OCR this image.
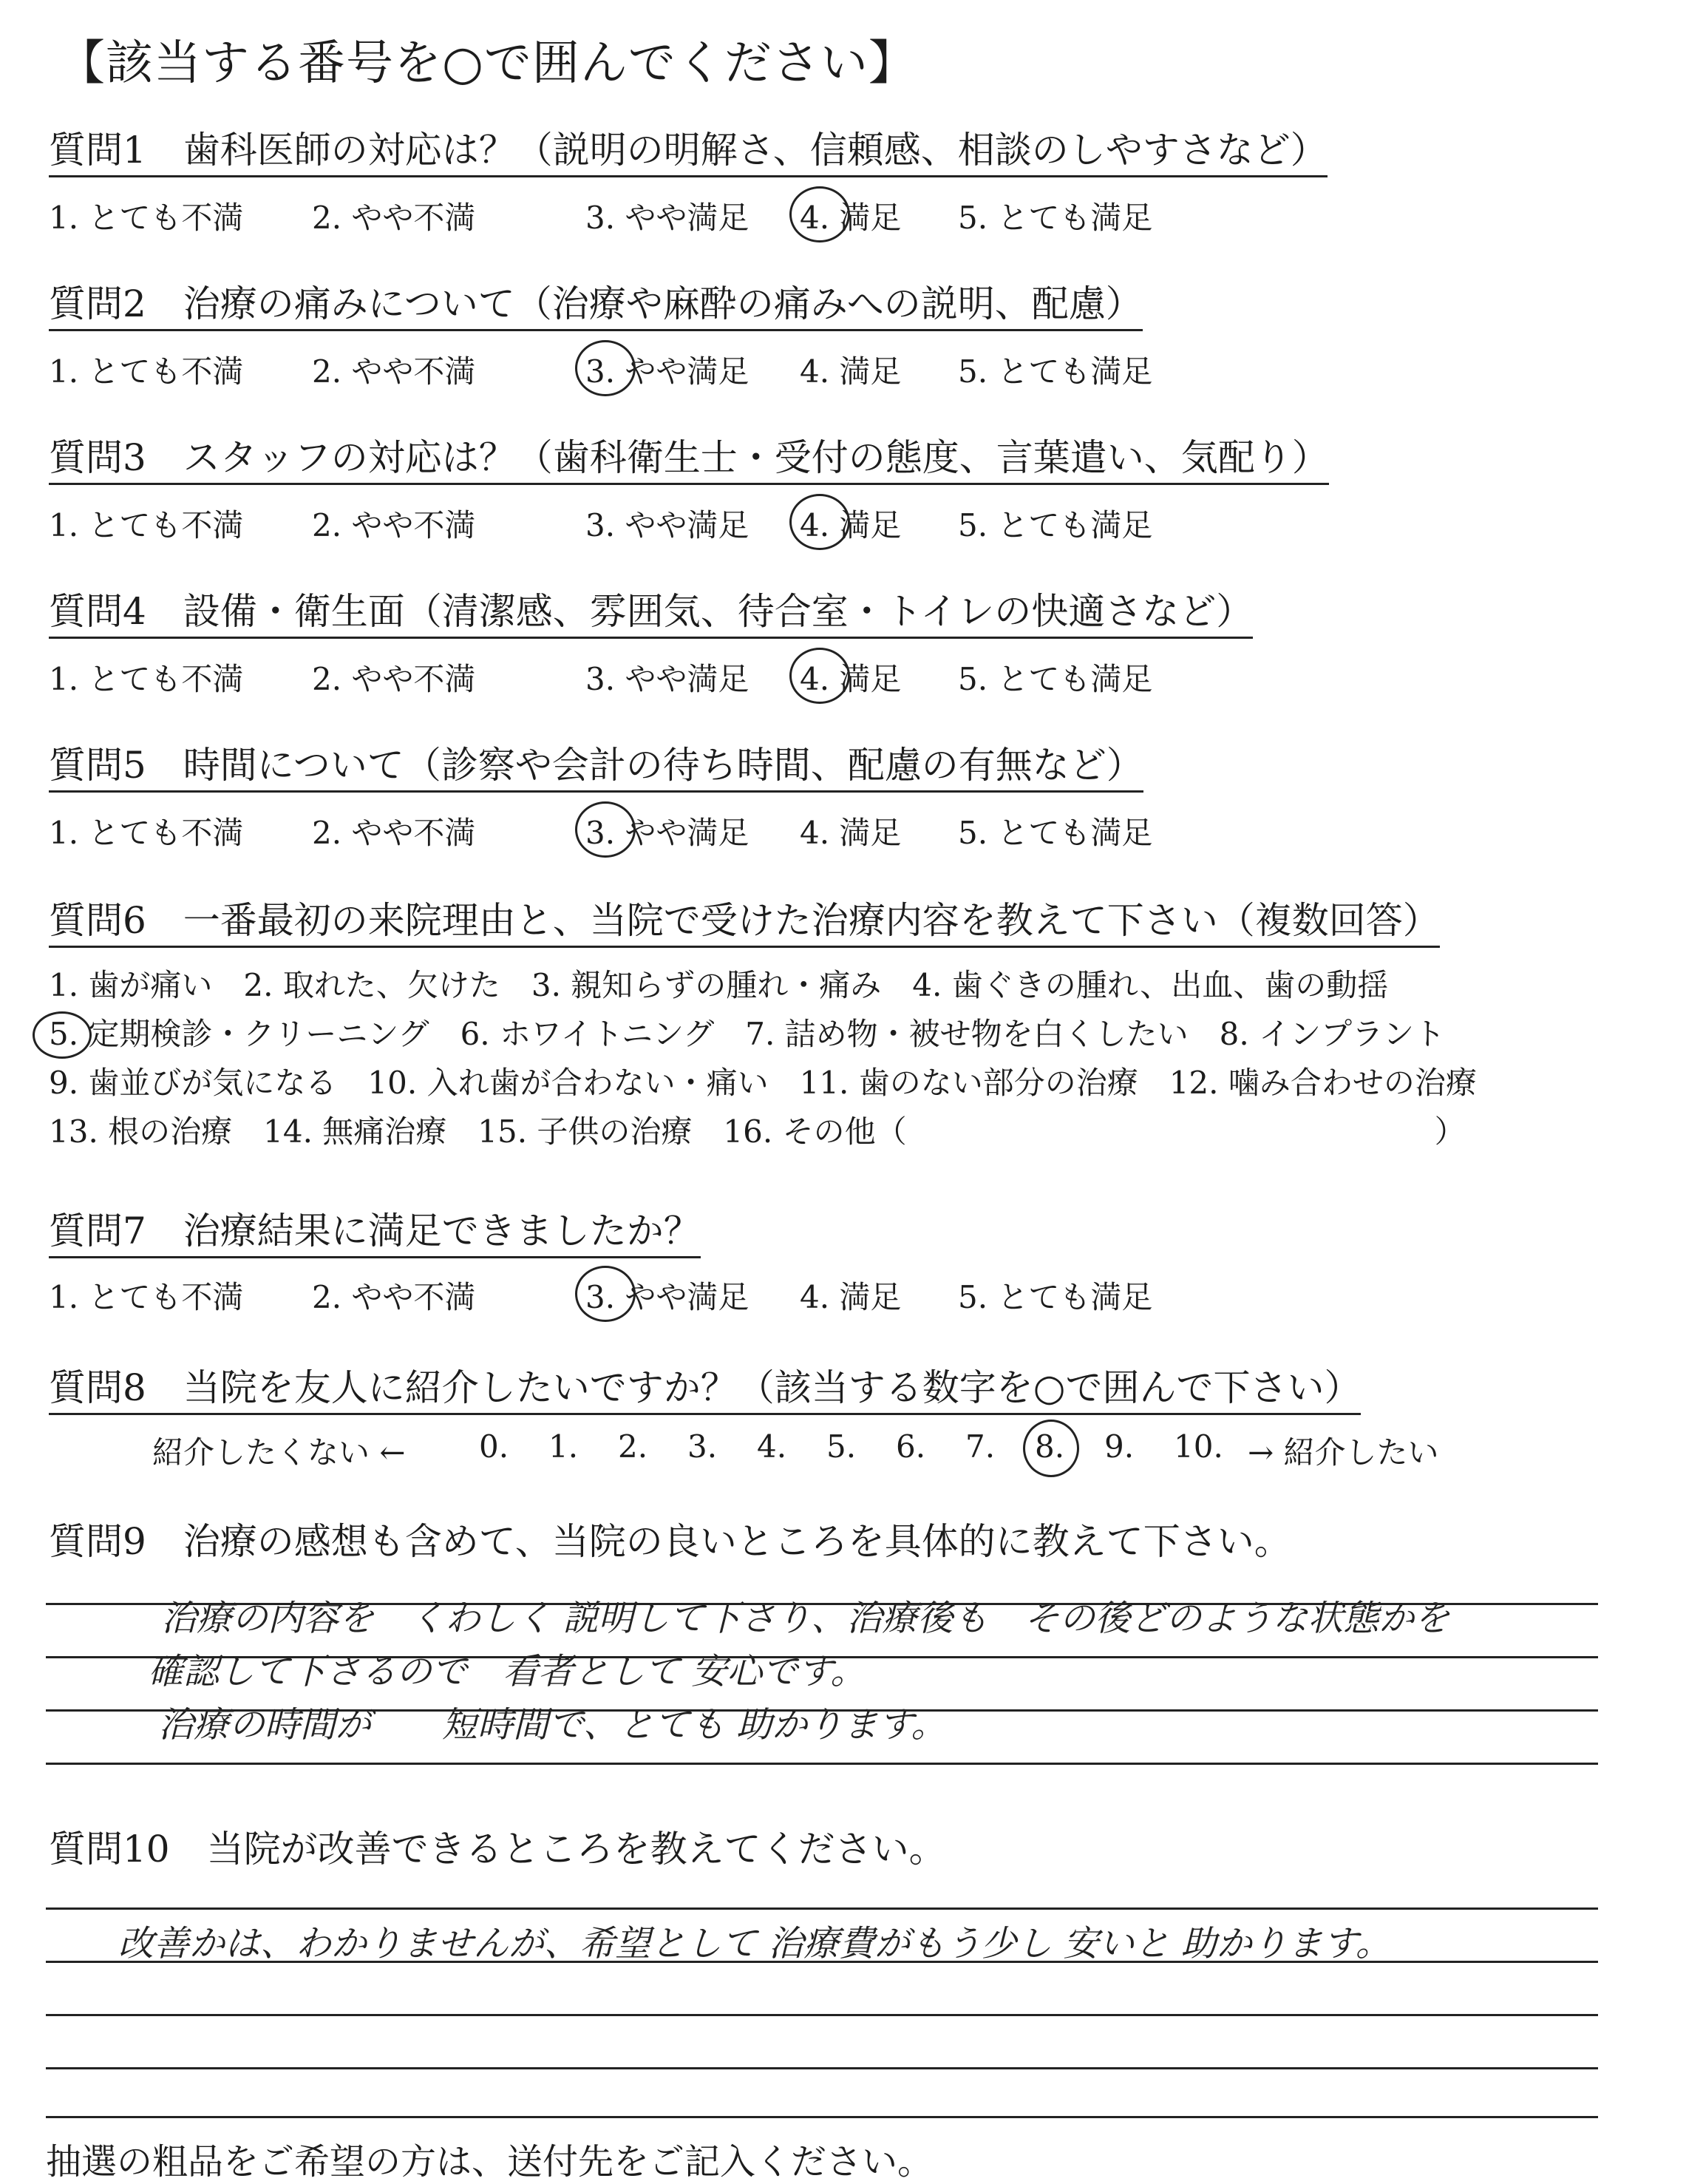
【該当する番号を○で囲んでください】
質問1　歯科医師の対応は？（説明の明解さ、信頼感、相談のしやすさなど）
1. とても不満 2. やや不満	3. やや満足 4. 満足 5. とても満足
質問2　治療の痛みについて（治療や麻酔の痛みへの説明、配慮）
1. とても不満 2. やや不満	3. やや満足 4. 満足 5. とても満足
質問3　スタッフの対応は？（歯科衛生士・受付の態度、言葉遣い、気配り）
1. とても不満 2. やや不満	3. やや満足 4. 満足 5. とても満足
質問4　設備・衛生面（清潔感、雰囲気、待合室・トイレの快適さなど）
1. とても不満 2. やや不満	3. やや満足 4. 満足 5. とても満足
質問5　時間について（診察や会計の待ち時間、配慮の有無など）
1. とても不満 2. やや不満	3. やや満足 4. 満足 5. とても満足
質問6　一番最初の来院理由と、当院で受けた治療内容を教えて下さい（複数回答）
1. 歯が痛い　2. 取れた、欠けた　3. 親知らずの腫れ・痛み　4. 歯ぐきの腫れ、出血、歯の動揺
5. 定期検診・クリーニング　6. ホワイトニング　7. 詰め物・被せ物を白くしたい　8. インプラント
9. 歯並びが気になる　10. 入れ歯が合わない・痛い　11. 歯のない部分の治療　12. 噛み合わせの治療
13. 根の治療　14. 無痛治療　15. 子供の治療　16. その他（　　　　　　　　　　　　　　　　　）
質問7　治療結果に満足できましたか？
1. とても不満 2. やや不満	3. やや満足 4. 満足 5. とても満足
質問8　当院を友人に紹介したいですか？（該当する数字を○で囲んで下さい）
紹介したくない ← 0. 1. 2. 3. 4. 5. 6. 7. 8. 9. 10. → 紹介したい
質問9　治療の感想も含めて、当院の良いところを具体的に教えて下さい。
治療の内容を　くわしく 説明して下さり、治療後も　その後どのような状態かを
確認して下さるので　看者として 安心です。
治療の時間が　　短時間で、とても 助かります。
質問10　当院が改善できるところを教えてください。
改善かは、わかりませんが、希望として 治療費がもう少し 安いと 助かります。
抽選の粗品をご希望の方は、送付先をご記入ください。
